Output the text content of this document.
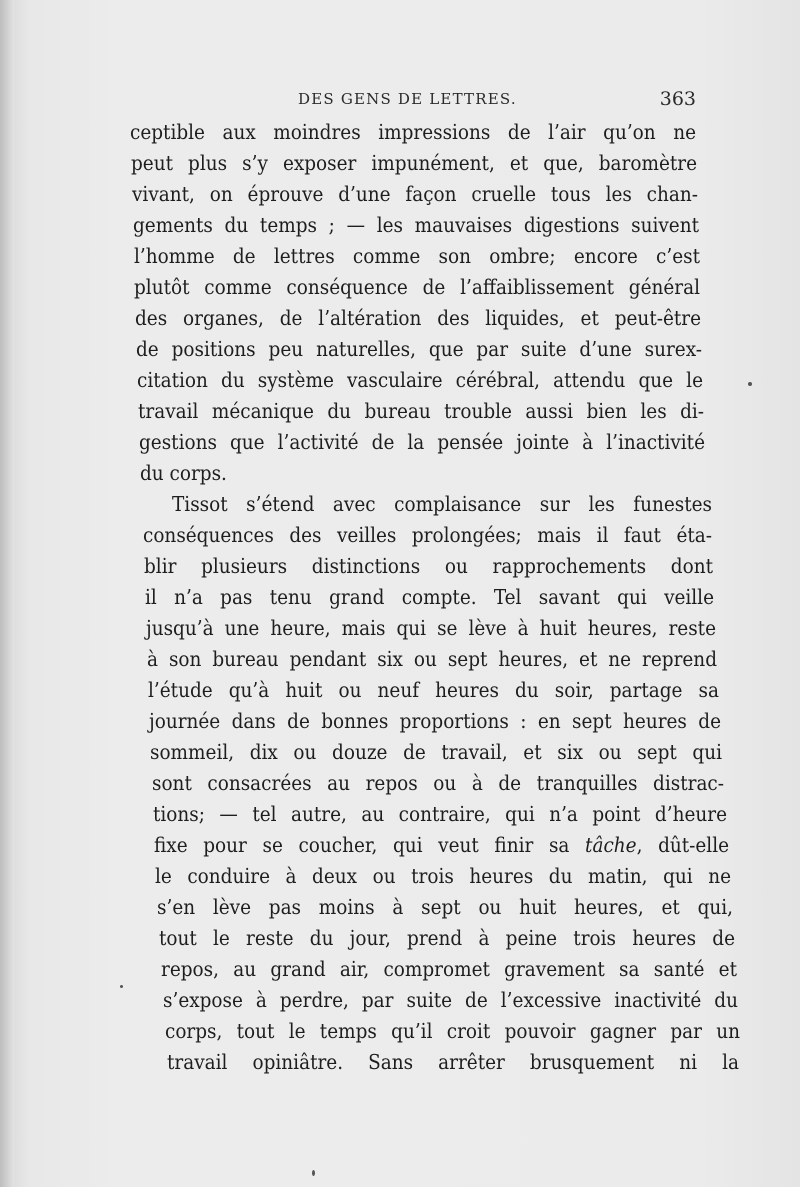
DES GENS DE LETTRES.	363
ceptible aux moindres impressions de l’air qu’on ne
peut plus s’y exposer impunément, et que, baromètre
vivant, on éprouve d’une façon cruelle tous les chan-
gements du temps ; — les mauvaises digestions suivent
l’homme de lettres comme son ombre; encore c’est
plutôt comme conséquence de l’affaiblissement général
des organes, de l’altération des liquides, et peut-être
de positions peu naturelles, que par suite d’une surex-
citation du système vasculaire cérébral, attendu que le
travail mécanique du bureau trouble aussi bien les di-
gestions que l’activité de la pensée jointe à l’inactivité
du corps.
Tissot s’étend avec complaisance sur les funestes
conséquences des veilles prolongées; mais il faut éta-
blir plusieurs distinctions ou rapprochements dont
il n’a pas tenu grand compte. Tel savant qui veille
jusqu’à une heure, mais qui se lève à huit heures, reste
à son bureau pendant six ou sept heures, et ne reprend
l’étude qu’à huit ou neuf heures du soir, partage sa
journée dans de bonnes proportions : en sept heures de
sommeil, dix ou douze de travail, et six ou sept qui
sont consacrées au repos ou à de tranquilles distrac-
tions; — tel autre, au contraire, qui n’a point d’heure
fixe pour se coucher, qui veut finir sa tâche, dût-elle
le conduire à deux ou trois heures du matin, qui ne
s’en lève pas moins à sept ou huit heures, et qui,
tout le reste du jour, prend à peine trois heures de
repos, au grand air, compromet gravement sa santé et
s’expose à perdre, par suite de l’excessive inactivité du
corps, tout le temps qu’il croit pouvoir gagner par un
travail opiniâtre. Sans arrêter brusquement ni la
